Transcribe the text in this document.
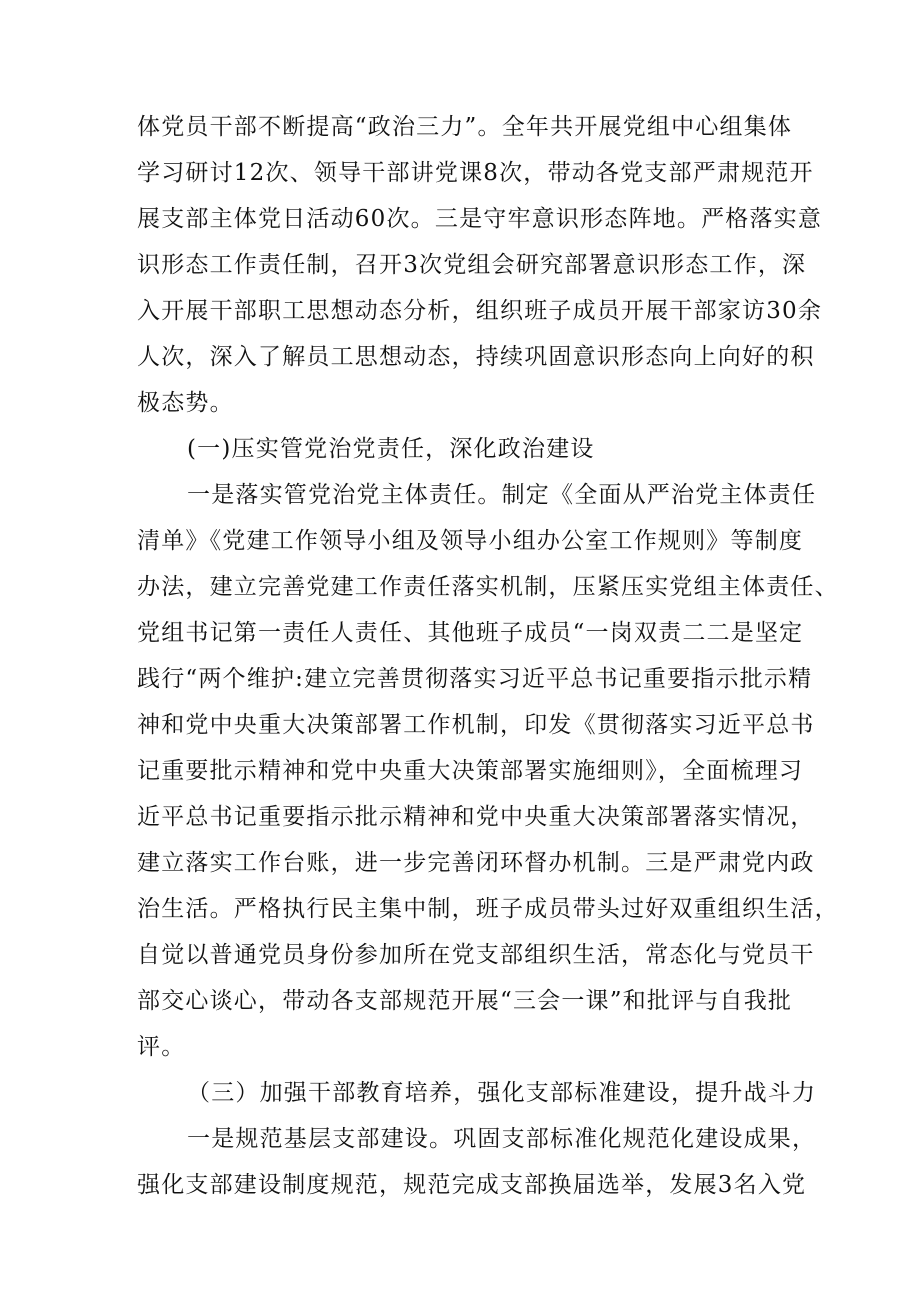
体党员干部不断提高“政治三力”。全年共开展党组中心组集体
学习研讨12次、领导干部讲党课8次，带动各党支部严肃规范开
展支部主体党日活动60次。三是守牢意识形态阵地。严格落实意
识形态工作责任制，召开3次党组会研究部署意识形态工作，深
入开展干部职工思想动态分析，组织班子成员开展干部家访30余
人次，深入了解员工思想动态，持续巩固意识形态向上向好的积
极态势。
(一)压实管党治党责任，深化政治建设
一是落实管党治党主体责任。制定《全面从严治党主体责任
清单》《党建工作领导小组及领导小组办公室工作规则》等制度
办法，建立完善党建工作责任落实机制，压紧压实党组主体责任、
党组书记第一责任人责任、其他班子成员“一岗双责二二是坚定
践行“两个维护:建立完善贯彻落实习近平总书记重要指示批示精
神和党中央重大决策部署工作机制，印发《贯彻落实习近平总书
记重要批示精神和党中央重大决策部署实施细则》，全面梳理习
近平总书记重要指示批示精神和党中央重大决策部署落实情况，
建立落实工作台账，进一步完善闭环督办机制。三是严肃党内政
治生活。严格执行民主集中制，班子成员带头过好双重组织生活，
自觉以普通党员身份参加所在党支部组织生活，常态化与党员干
部交心谈心，带动各支部规范开展“三会一课”和批评与自我批
评。
（三）加强干部教育培养，强化支部标准建设，提升战斗力
一是规范基层支部建设。巩固支部标准化规范化建设成果，
强化支部建设制度规范，规范完成支部换届选举，发展3名入党
